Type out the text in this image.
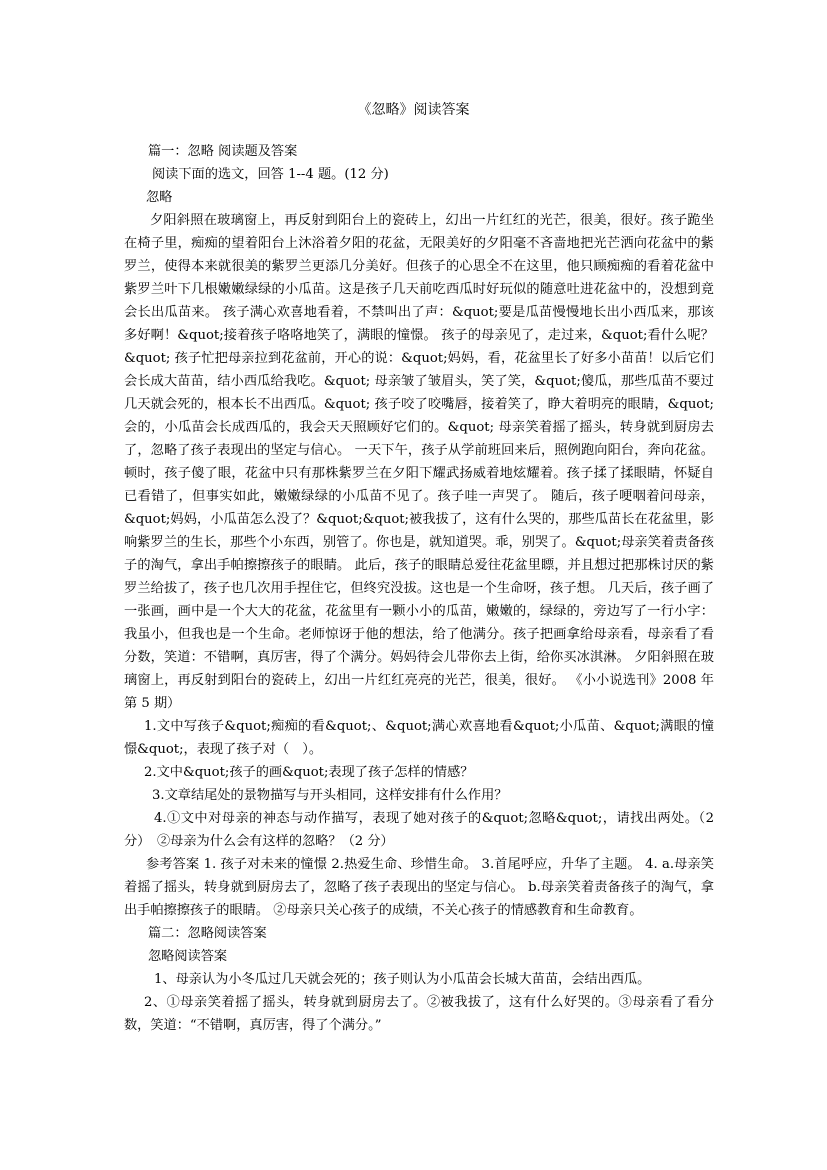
《忽略》阅读答案

篇一：忽略 阅读题及答案

阅读下面的选文，回答 1--4 题。(12 分)

忽略

夕阳斜照在玻璃窗上，再反射到阳台上的瓷砖上，幻出一片红红的光芒，很美，很好。孩子跪坐在椅子里，痴痴的望着阳台上沐浴着夕阳的花盆，无限美好的夕阳毫不吝啬地把光芒洒向花盆中的紫罗兰，使得本来就很美的紫罗兰更添几分美好。但孩子的心思全不在这里，他只顾痴痴的看着花盆中紫罗兰叶下几根嫩嫩绿绿的小瓜苗。这是孩子几天前吃西瓜时好玩似的随意吐进花盆中的，没想到竟会长出瓜苗来。 孩子满心欢喜地看着，不禁叫出了声：&quot;要是瓜苗慢慢地长出小西瓜来，那该多好啊！&quot;接着孩子咯咯地笑了，满眼的憧憬。 孩子的母亲见了，走过来，&quot;看什么呢？&quot; 孩子忙把母亲拉到花盆前，开心的说：&quot;妈妈，看，花盆里长了好多小苗苗！以后它们会长成大苗苗，结小西瓜给我吃。&quot; 母亲皱了皱眉头，笑了笑，&quot;傻瓜，那些瓜苗不要过几天就会死的，根本长不出西瓜。&quot; 孩子咬了咬嘴唇，接着笑了，睁大着明亮的眼睛，&quot;会的，小瓜苗会长成西瓜的，我会天天照顾好它们的。&quot; 母亲笑着摇了摇头，转身就到厨房去了，忽略了孩子表现出的坚定与信心。 一天下午，孩子从学前班回来后，照例跑向阳台，奔向花盆。顿时，孩子傻了眼，花盆中只有那株紫罗兰在夕阳下耀武扬威着地炫耀着。孩子揉了揉眼睛，怀疑自已看错了，但事实如此，嫩嫩绿绿的小瓜苗不见了。孩子哇一声哭了。 随后，孩子哽咽着问母亲，&quot;妈妈，小瓜苗怎么没了？&quot;&quot;被我拔了，这有什么哭的，那些瓜苗长在花盆里，影响紫罗兰的生长，那些个小东西，别管了。你也是，就知道哭。乖，别哭了。&quot;母亲笑着责备孩子的淘气，拿出手帕擦擦孩子的眼睛。 此后，孩子的眼睛总爱往花盆里瞟，并且想过把那株讨厌的紫罗兰给拔了，孩子也几次用手捏住它，但终究没拔。这也是一个生命呀，孩子想。 几天后，孩子画了一张画，画中是一个大大的花盆，花盆里有一颗小小的瓜苗，嫩嫩的，绿绿的，旁边写了一行小字：我虽小，但我也是一个生命。老师惊讶于他的想法，给了他满分。孩子把画拿给母亲看，母亲看了看分数，笑道：不错啊，真厉害，得了个满分。妈妈待会儿带你去上街，给你买冰淇淋。 夕阳斜照在玻璃窗上，再反射到阳台的瓷砖上，幻出一片红红亮亮的光芒，很美，很好。 《小小说选刊》2008 年第 5 期）

1.文中写孩子&quot;痴痴的看&quot;、&quot;满心欢喜地看&quot;小瓜苗、&quot;满眼的憧憬&quot;，表现了孩子对（　）。

2.文中&quot;孩子的画&quot;表现了孩子怎样的情感？

3.文章结尾处的景物描写与开头相同，这样安排有什么作用？

4.①文中对母亲的神态与动作描写，表现了她对孩子的&quot;忽略&quot;，请找出两处。（2 分）　②母亲为什么会有这样的忽略？（2 分）

参考答案 1. 孩子对未来的憧憬 2.热爱生命、珍惜生命。 3.首尾呼应，升华了主题。 4. a.母亲笑着摇了摇头，转身就到厨房去了，忽略了孩子表现出的坚定与信心。 b.母亲笑着责备孩子的淘气，拿出手帕擦擦孩子的眼睛。 ②母亲只关心孩子的成绩，不关心孩子的情感教育和生命教育。

篇二：忽略阅读答案

忽略阅读答案

1、母亲认为小冬瓜过几天就会死的；孩子则认为小瓜苗会长城大苗苗，会结出西瓜。

2、①母亲笑着摇了摇头，转身就到厨房去了。②被我拔了，这有什么好哭的。③母亲看了看分数，笑道：“不错啊，真厉害，得了个满分。”
